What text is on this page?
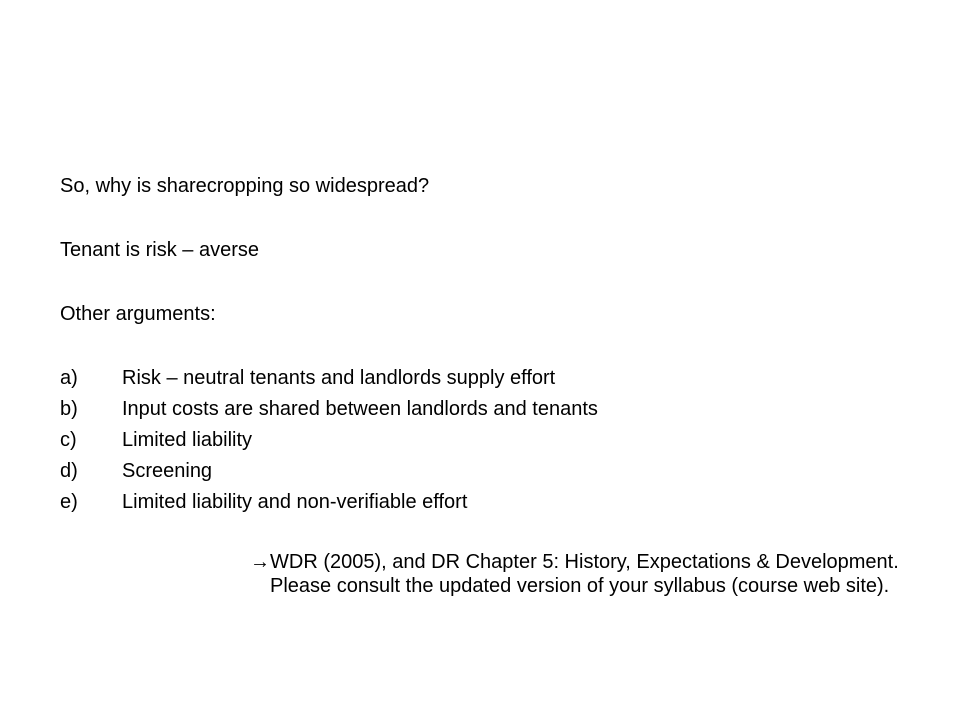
So, why is sharecropping so widespread?
Tenant is risk – averse
Other arguments:
a)	Risk – neutral tenants and landlords supply effort
b)	Input costs are shared between landlords and tenants
c)	Limited liability
d)	Screening
e)	Limited liability and non-verifiable effort
→ WDR (2005), and DR Chapter 5: History, Expectations & Development. Please consult the updated version of your syllabus (course web site).
